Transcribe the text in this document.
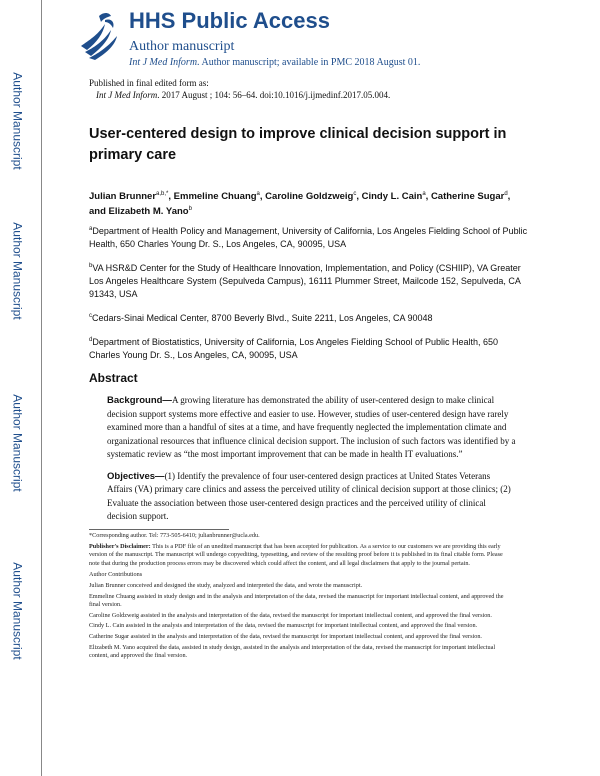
Author Manuscript
Author Manuscript
Author Manuscript
Author Manuscript
HHS Public Access
Author manuscript
Int J Med Inform. Author manuscript; available in PMC 2018 August 01.
Published in final edited form as:
Int J Med Inform. 2017 August ; 104: 56–64. doi:10.1016/j.ijmedinf.2017.05.004.
User-centered design to improve clinical decision support in primary care

Julian Brunner$^{a,b,*}$, Emmeline Chuang$^a$, Caroline Goldzweig$^c$, Cindy L. Cain$^a$, Catherine Sugar$^d$, and Elizabeth M. Yano$^b$

$^a$Department of Health Policy and Management, University of California, Los Angeles Fielding School of Public Health, 650 Charles Young Dr. S., Los Angeles, CA, 90095, USA

$^b$VA HSR&D Center for the Study of Healthcare Innovation, Implementation, and Policy (CSHIIP), VA Greater Los Angeles Healthcare System (Sepulveda Campus), 16111 Plummer Street, Mailcode 152, Sepulveda, CA 91343, USA

$^c$Cedars-Sinai Medical Center, 8700 Beverly Blvd., Suite 2211, Los Angeles, CA 90048

$^d$Department of Biostatistics, University of California, Los Angeles Fielding School of Public Health, 650 Charles Young Dr. S., Los Angeles, CA, 90095, USA

Abstract

Background—A growing literature has demonstrated the ability of user-centered design to make clinical decision support systems more effective and easier to use. However, studies of user-centered design have rarely examined more than a handful of sites at a time, and have frequently neglected the implementation climate and organizational resources that influence clinical decision support. The inclusion of such factors was identified by a systematic review as “the most important improvement that can be made in health IT evaluations.”

Objectives—(1) Identify the prevalence of four user-centered design practices at United States Veterans Affairs (VA) primary care clinics and assess the perceived utility of clinical decision support at those clinics; (2) Evaluate the association between those user-centered design practices and the perceived utility of clinical decision support.

*Corresponding author. Tel: 773-505-6410; julianbrunner@ucla.edu.

Publisher's Disclaimer: This is a PDF file of an unedited manuscript that has been accepted for publication. As a service to our customers we are providing this early version of the manuscript. The manuscript will undergo copyediting, typesetting, and review of the resulting proof before it is published in its final citable form. Please note that during the production process errors may be discovered which could affect the content, and all legal disclaimers that apply to the journal pertain.

Author Contributions

Julian Brunner conceived and designed the study, analyzed and interpreted the data, and wrote the manuscript.

Emmeline Chuang assisted in study design and in the analysis and interpretation of the data, revised the manuscript for important intellectual content, and approved the final version.

Caroline Goldzweig assisted in the analysis and interpretation of the data, revised the manuscript for important intellectual content, and approved the final version.

Cindy L. Cain assisted in the analysis and interpretation of the data, revised the manuscript for important intellectual content, and approved the final version.

Catherine Sugar assisted in the analysis and interpretation of the data, revised the manuscript for important intellectual content, and approved the final version.

Elizabeth M. Yano acquired the data, assisted in study design, assisted in the analysis and interpretation of the data, revised the manuscript for important intellectual content, and approved the final version.
